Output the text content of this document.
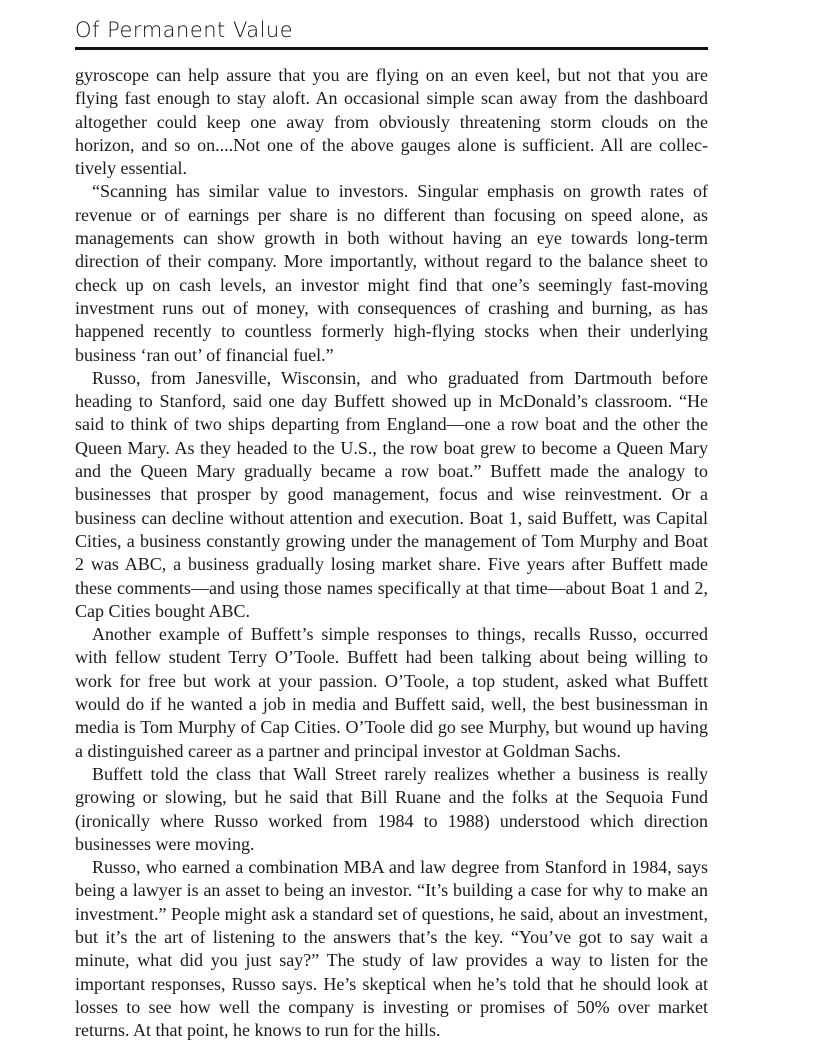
Of Permanent Value

gyroscope can help assure that you are flying on an even keel, but not that you are flying fast enough to stay aloft. An occasional simple scan away from the dashboard altogether could keep one away from obviously threatening storm clouds on the horizon, and so on....Not one of the above gauges alone is sufficient. All are collectively essential.

“Scanning has similar value to investors. Singular emphasis on growth rates of revenue or of earnings per share is no different than focusing on speed alone, as managements can show growth in both without having an eye towards long-term direction of their company. More importantly, without regard to the balance sheet to check up on cash levels, an investor might find that one’s seemingly fast-moving investment runs out of money, with consequences of crashing and burning, as has happened recently to countless formerly high-flying stocks when their underlying business ‘ran out’ of financial fuel.”

Russo, from Janesville, Wisconsin, and who graduated from Dartmouth before heading to Stanford, said one day Buffett showed up in McDonald’s classroom. “He said to think of two ships departing from England—one a row boat and the other the Queen Mary. As they headed to the U.S., the row boat grew to become a Queen Mary and the Queen Mary gradually became a row boat.” Buffett made the analogy to businesses that prosper by good management, focus and wise reinvestment. Or a business can decline without attention and execution. Boat 1, said Buffett, was Capital Cities, a business constantly growing under the management of Tom Murphy and Boat 2 was ABC, a business gradually losing market share. Five years after Buffett made these comments—and using those names specifically at that time—about Boat 1 and 2, Cap Cities bought ABC.

Another example of Buffett’s simple responses to things, recalls Russo, occurred with fellow student Terry O’Toole. Buffett had been talking about being willing to work for free but work at your passion. O’Toole, a top student, asked what Buffett would do if he wanted a job in media and Buffett said, well, the best businessman in media is Tom Murphy of Cap Cities. O’Toole did go see Murphy, but wound up having a distinguished career as a partner and principal investor at Goldman Sachs.

Buffett told the class that Wall Street rarely realizes whether a business is really growing or slowing, but he said that Bill Ruane and the folks at the Sequoia Fund (ironically where Russo worked from 1984 to 1988) understood which direction businesses were moving.

Russo, who earned a combination MBA and law degree from Stanford in 1984, says being a lawyer is an asset to being an investor. “It’s building a case for why to make an investment.” People might ask a standard set of questions, he said, about an investment, but it’s the art of listening to the answers that’s the key. “You’ve got to say wait a minute, what did you just say?” The study of law provides a way to listen for the important responses, Russo says. He’s skeptical when he’s told that he should look at losses to see how well the company is investing or promises of 50% over market returns. At that point, he knows to run for the hills.
